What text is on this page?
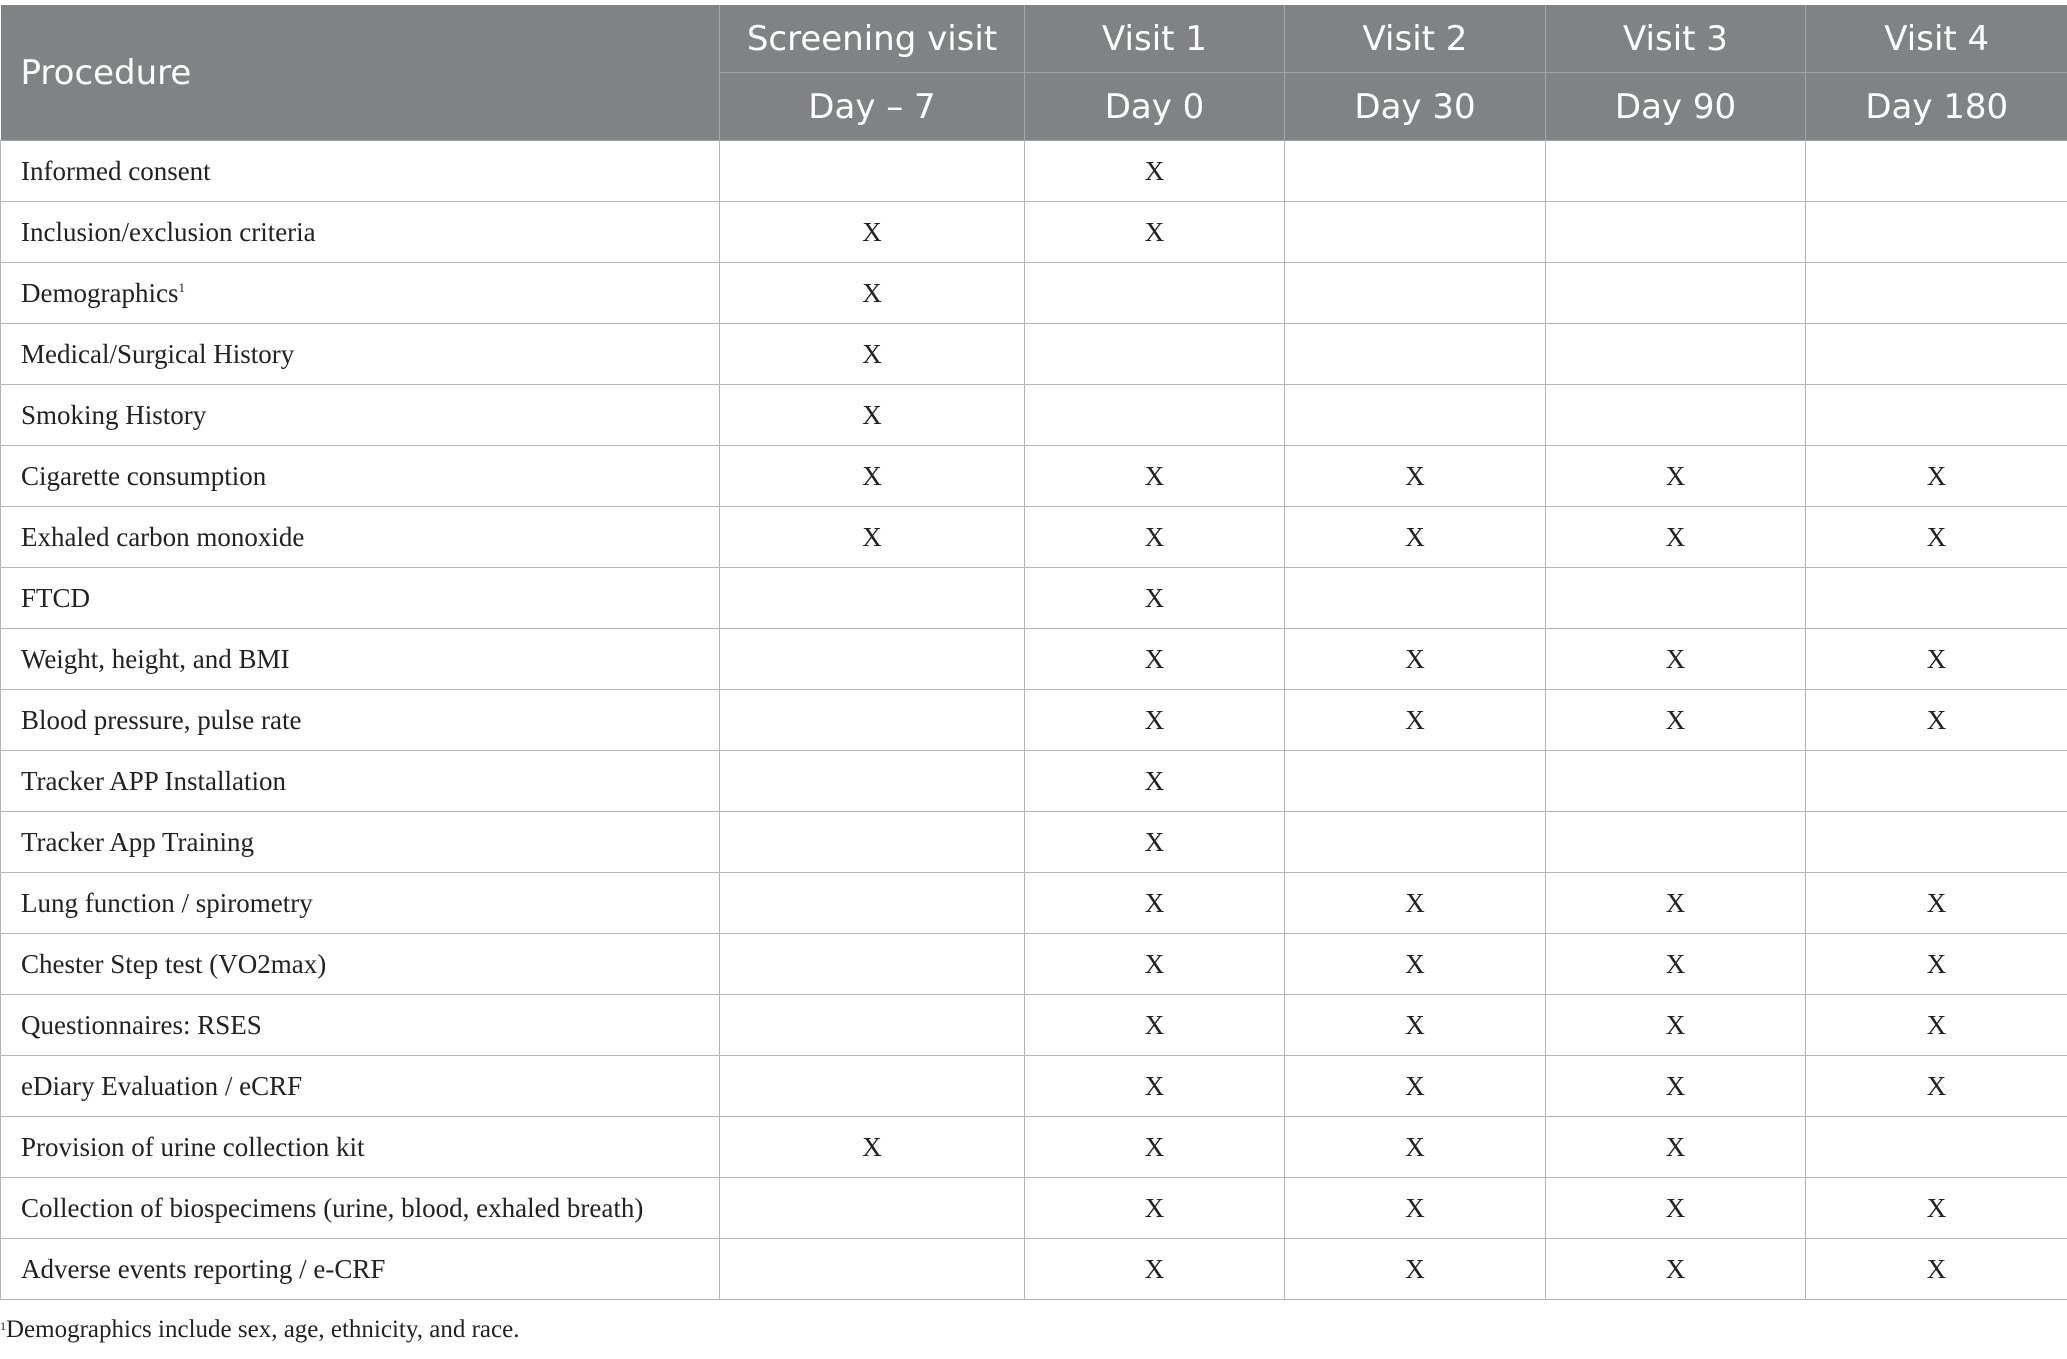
Procedure	Screening visit	Visit 1	Visit 2	Visit 3	Visit 4
	Day – 7	Day 0	Day 30	Day 90	Day 180
Informed consent		X			
Inclusion/exclusion criteria	X	X			
Demographics$^1$	X				
Medical/Surgical History	X				
Smoking History	X				
Cigarette consumption	X	X	X	X	X
Exhaled carbon monoxide	X	X	X	X	X
FTCD		X			
Weight, height, and BMI		X	X	X	X
Blood pressure, pulse rate		X	X	X	X
Tracker APP Installation		X			
Tracker App Training		X			
Lung function / spirometry		X	X	X	X
Chester Step test (VO2max)		X	X	X	X
Questionnaires: RSES		X	X	X	X
eDiary Evaluation / eCRF		X	X	X	X
Provision of urine collection kit	X	X	X	X	
Collection of biospecimens (urine, blood, exhaled breath)		X	X	X	X
Adverse events reporting / e-CRF		X	X	X	X
$^1$Demographics include sex, age, ethnicity, and race.
